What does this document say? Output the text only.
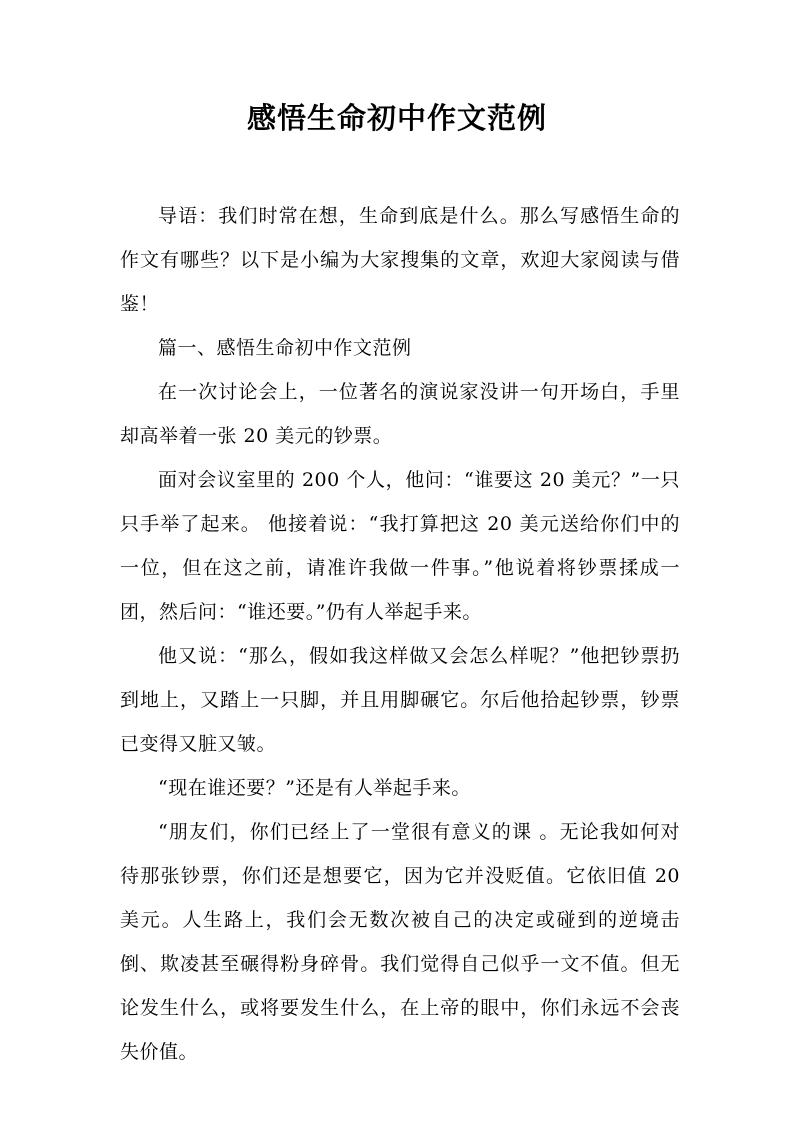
感悟生命初中作文范例

导语：我们时常在想，生命到底是什么。那么写感悟生命的作文有哪些？以下是小编为大家搜集的文章，欢迎大家阅读与借鉴！

篇一、感悟生命初中作文范例

在一次讨论会上，一位著名的演说家没讲一句开场白，手里却高举着一张 20 美元的钞票。

面对会议室里的 200 个人，他问：“谁要这 20 美元？”一只只手举了起来。 他接着说：“我打算把这 20 美元送给你们中的一位，但在这之前，请准许我做一件事。”他说着将钞票揉成一团，然后问：“谁还要。”仍有人举起手来。

他又说：“那么，假如我这样做又会怎么样呢？”他把钞票扔到地上，又踏上一只脚，并且用脚碾它。尔后他拾起钞票，钞票已变得又脏又皱。

“现在谁还要？”还是有人举起手来。

“朋友们，你们已经上了一堂很有意义的课 。无论我如何对待那张钞票，你们还是想要它，因为它并没贬值。它依旧值 20 美元。人生路上，我们会无数次被自己的决定或碰到的逆境击倒、欺凌甚至碾得粉身碎骨。我们觉得自己似乎一文不值。但无论发生什么，或将要发生什么，在上帝的眼中，你们永远不会丧失价值。
